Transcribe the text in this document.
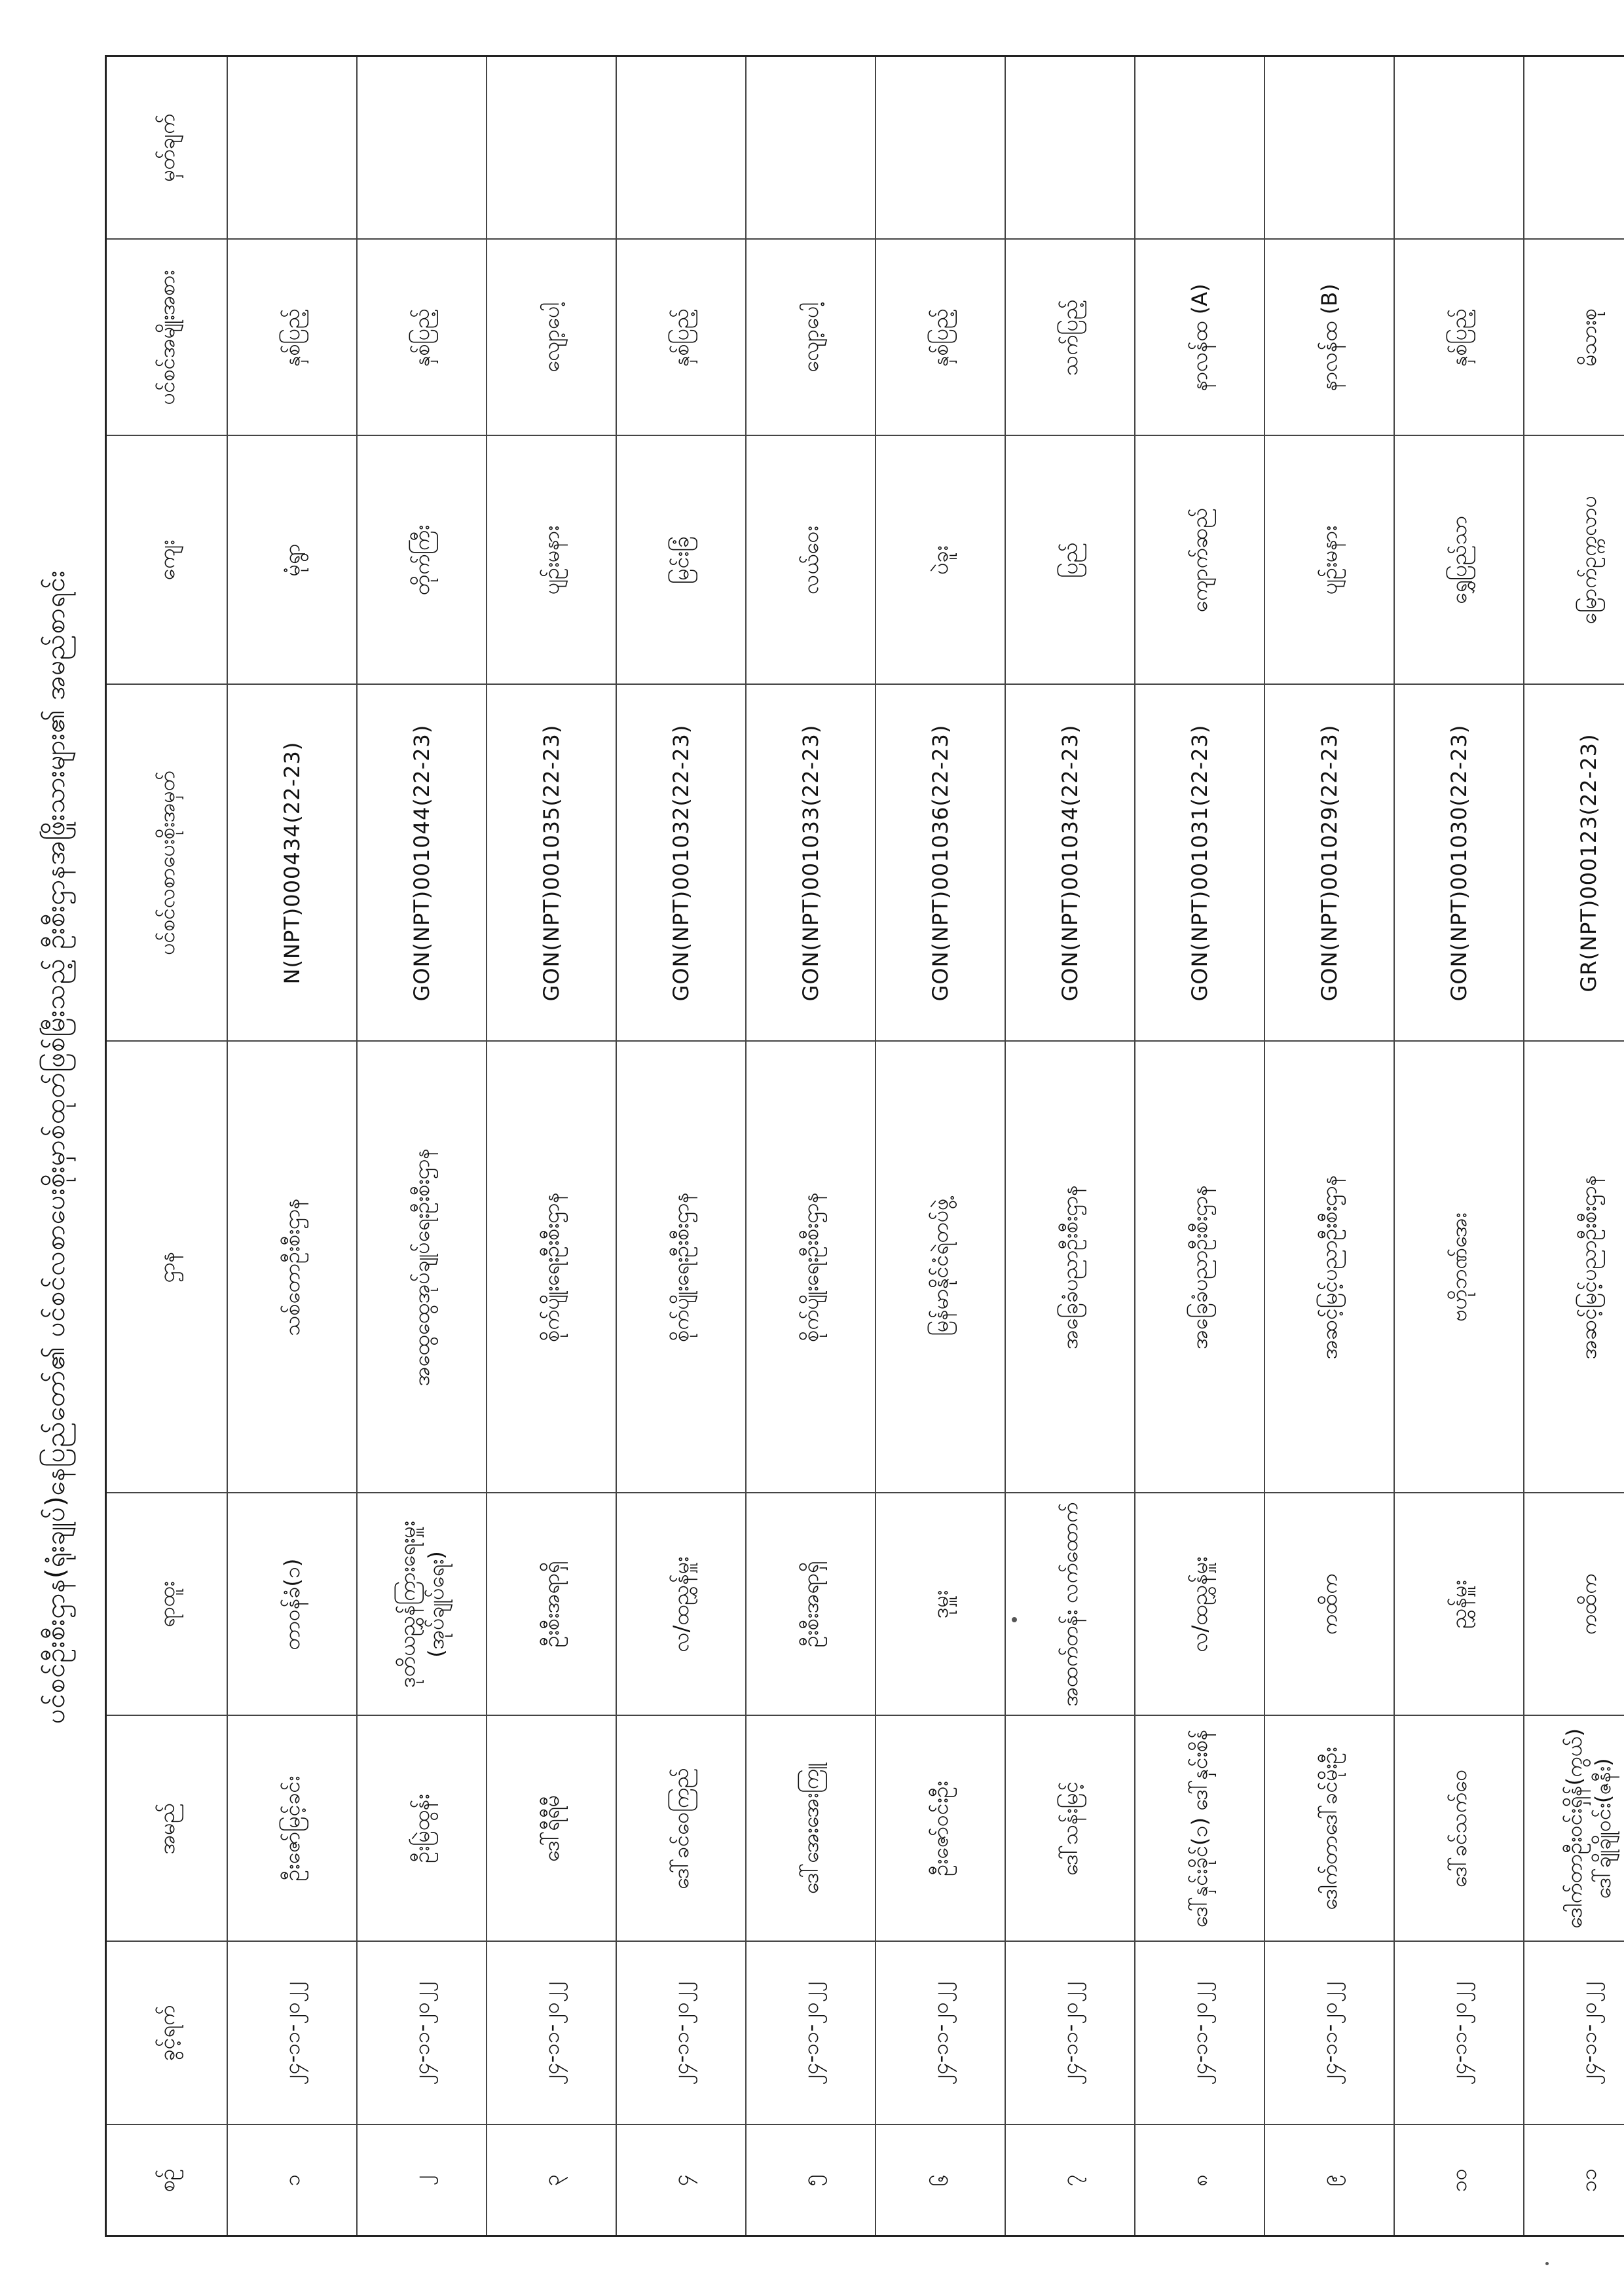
ပင်စင်ဦးစီးဌာန(ရုံးချုပ်)နေပြည်တော်၏ ပင်စင်လစာပေးစိုးမှာစ်ထုတ်ဖြစ်မြီးသည့် ဦးစီးဌာနအဖြိုးသားများ၏ အမည်စာရင်း
စဉ်	ခွင့်ရက်	အမည်	ရာထူး	ဌာန	ပင်စင်လစာပေးစိုးအမှတ်	ကျေး	ပင်စင်အမျိုးအစား	မှတ်ချက်
၁	၂၄-၁၁-၂၀၂၂	ဦးဇော်မြင့်ခင်း	တာဝန်ခံ(၁)	သစ်တောဦးစီးဌာန	N(NPT)000434(22-23)	မုံရွာ	နှစ်ပြည့်	
၂	၂၄-၁၁-၂၀၂၂	ဦးမြဲထွန်း	ဒုတိယညွှန်ကြားရေးမှူး (အုပ်ချုပ်ရေး)	အထွေထွေအုပ်ချုပ်ရေးဦးစီးဌာန	GON(NPT)001044(22-23)	တိုက်ကြီး	နှစ်ပြည့်	
၃	၂၄-၁၁-၂၀၂၂	ဒေါ်ရီရီမီ	ဦးစီးအရာရှိ	စိုက်ပျိုးရေးဦးစီးဌာန	GON(NPT)001035(22-23)	ပျဉ်းမနား	လျော့ပေါ့	
၄	၂၄-၁၁-၂၀၂၂	ဒေါ်ခင်ဝေကြည်	လ/ထညွှန်မှူး	စိုက်ပျိုးရေးဦးစီးဌာန	GON(NPT)001032(22-23)	မြင်းခြံ	နှစ်ပြည့်	
၅	၂၄-၁၁-၂၀၂၂	ဒေါ်အေးအေးကြူ	ဦးစီးအရာရှိ	စိုက်ပျိုးရေးဦးစီးဌာန	GON(NPT)001033(22-23)	လယ်ဝေး	လျော့ပေါ့	
၆	၂၄-၁၁-၂၀၂၂	ဦးဇော်ဝင်းဦး	ဒုမှူး	မြန်မာနိုင်ငံရဲတပ်ဖွဲ့	GON(NPT)001036(22-23)	ပဲခူး	နှစ်ပြည့်	
၇	၂၄-၁၁-၂၀၂၂	ဒေါ်သန်းမြင့်	အထက်တန်း လက်ထောက်	အခြေခံပညာဦးစီးဌာန	GON(NPT)001034(22-23)	ပြည်	သက်ပြည့်	
၈	၂၄-၁၁-၂၀၂၂	ဒေါ်နှင်းခိုင်(၁) ဒေါ်နှင်းစိန်	လ/ထညွှန်မှူး	အခြေခံပညာဦးစီးဌာန	GON(NPT)001031(22-23)	ကျောက်ဆည်	နာလန်ထ (A)	
၉	၂၄-၁၁-၂၀၂၂	ဒေါက်တာဒေါ်ခင်မိုးဦး	ကထိက	အဆင့်မြင့်ပညာဦးစီးဌာန	GON(NPT)001029(22-23)	ပျဉ်းမနား	နာလန်ထ (B)	
၁၀	၂၄-၁၁-၂၀၂၂	ဒေါ်ခင်သက်ဝေ	ညွှန်မှူး	ဗဟိုဘဏ်အေး	GON(NPT)001030(22-23)	ရွှေပြည်သာ	နှစ်ပြည့်	
၁၁	၂၄-၁၁-၂၀၂၂	ဒေါက်တာဦးဝင်းရှိန်(ကွယ်) ဒေါ်ချိုချိုဝင်း(ဇနီး)	ကထိက	အဆင့်မြင့်ပညာဦးစီးဌာန	GR(NPT)000123(22-23)	မြောက်ဥက္ကလာပ	မိသားစု	
